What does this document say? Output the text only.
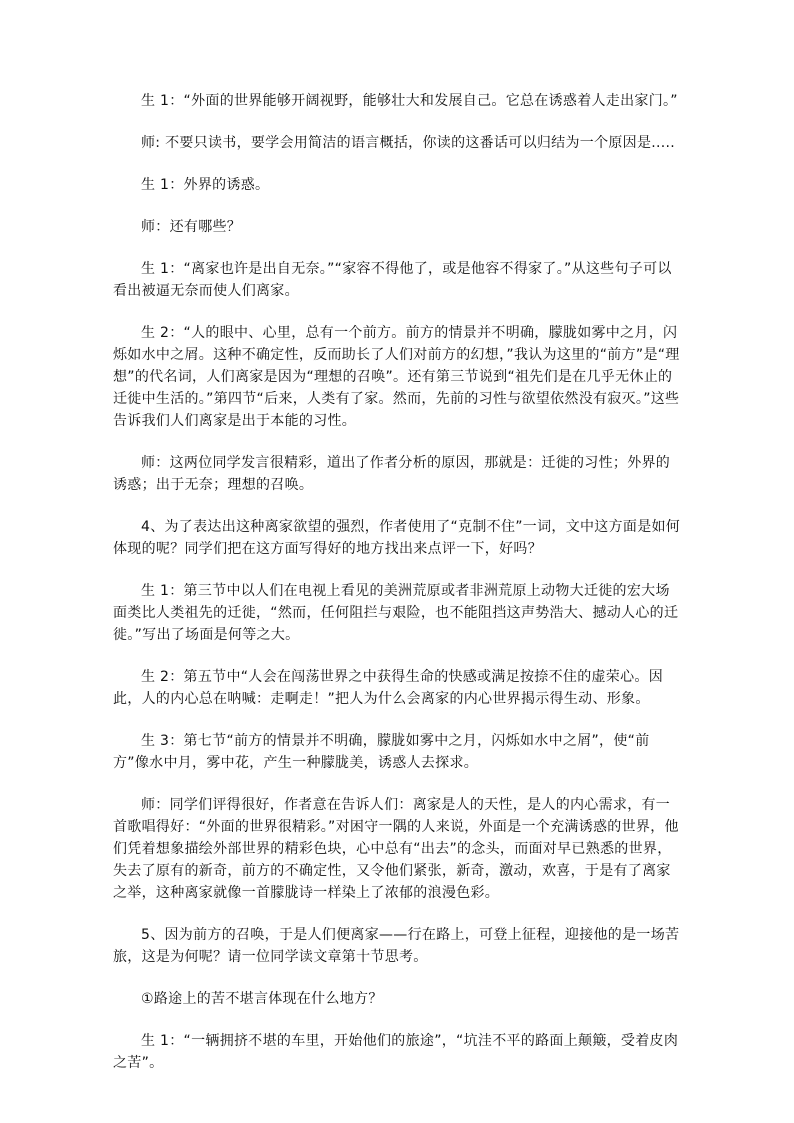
生 1：“外面的世界能够开阔视野，能够壮大和发展自己。它总在诱惑着人走出家门。”

师: 不要只读书，要学会用简洁的语言概括，你读的这番话可以归结为一个原因是.....

生 1：外界的诱惑。

师：还有哪些？

生 1：“离家也许是出自无奈。”“家容不得他了，或是他容不得家了。”从这些句子可以看出被逼无奈而使人们离家。

生 2：“人的眼中、心里，总有一个前方。前方的情景并不明确，朦胧如雾中之月，闪烁如水中之屑。这种不确定性，反而助长了人们对前方的幻想，”我认为这里的“前方”是“理想”的代名词，人们离家是因为“理想的召唤”。还有第三节说到“祖先们是在几乎无休止的迁徙中生活的。”第四节“后来，人类有了家。然而，先前的习性与欲望依然没有寂灭。”这些告诉我们人们离家是出于本能的习性。

师：这两位同学发言很精彩，道出了作者分析的原因，那就是：迁徙的习性；外界的诱惑；出于无奈；理想的召唤。

4、为了表达出这种离家欲望的强烈，作者使用了“克制不住”一词，文中这方面是如何体现的呢？同学们把在这方面写得好的地方找出来点评一下，好吗？

生 1：第三节中以人们在电视上看见的美洲荒原或者非洲荒原上动物大迁徙的宏大场面类比人类祖先的迁徙，“然而，任何阻拦与艰险，也不能阻挡这声势浩大、撼动人心的迁徙。”写出了场面是何等之大。

生 2：第五节中“人会在闯荡世界之中获得生命的快感或满足按捺不住的虚荣心。因此，人的内心总在呐喊：走啊走！”把人为什么会离家的内心世界揭示得生动、形象。

生 3：第七节“前方的情景并不明确，朦胧如雾中之月，闪烁如水中之屑”，使“前方”像水中月，雾中花，产生一种朦胧美，诱惑人去探求。

师：同学们评得很好，作者意在告诉人们：离家是人的天性，是人的内心需求，有一首歌唱得好：“外面的世界很精彩。”对困守一隅的人来说，外面是一个充满诱惑的世界，他们凭着想象描绘外部世界的精彩色块，心中总有“出去”的念头，而面对早已熟悉的世界，失去了原有的新奇，前方的不确定性，又令他们紧张，新奇，激动，欢喜，于是有了离家之举，这种离家就像一首朦胧诗一样染上了浓郁的浪漫色彩。

5、因为前方的召唤，于是人们便离家——行在路上，可登上征程，迎接他的是一场苦旅，这是为何呢？请一位同学读文章第十节思考。

①路途上的苦不堪言体现在什么地方？

生 1：“一辆拥挤不堪的车里，开始他们的旅途”，“坑洼不平的路面上颠簸，受着皮肉之苦”。
